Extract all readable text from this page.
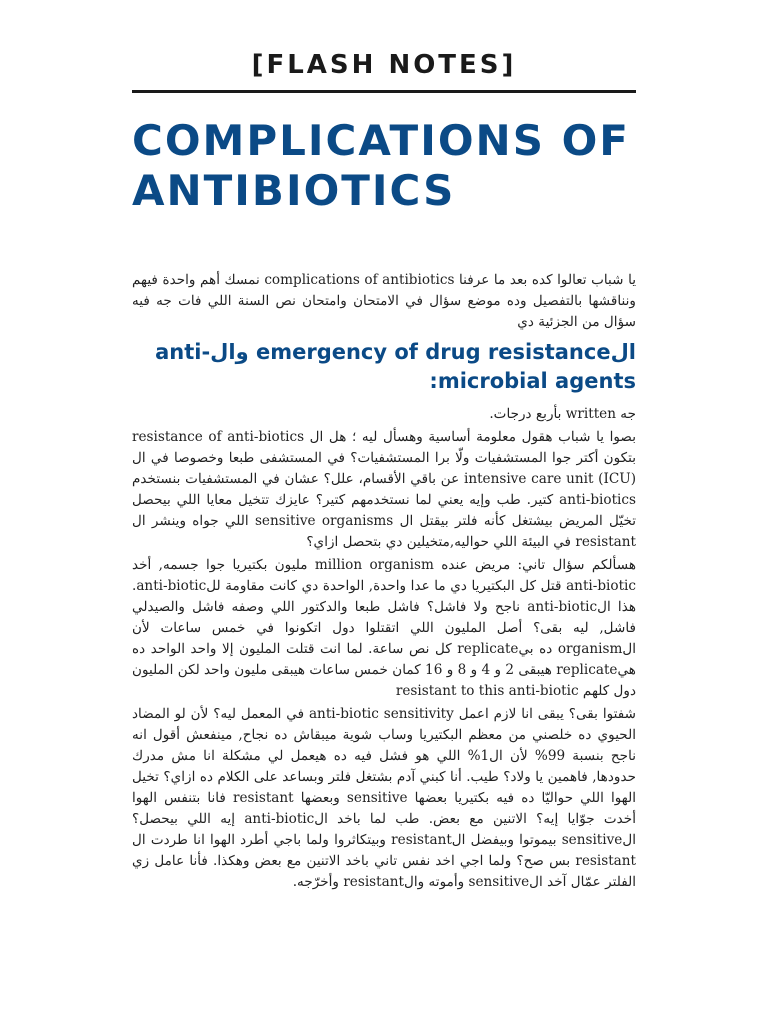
[FLASH NOTES]
COMPLICATIONS OF ANTIBIOTICS

يا شباب تعالوا كده بعد ما عرفنا complications of antibiotics نمسك أهم واحدة فيهم ونناقشها بالتفصيل وده موضع سؤال في الامتحان وامتحان نص السنة اللي فات جه فيه سؤال من الجزئية دي

الemergency of drug resistance والanti-microbial agents:

جه written بأربع درجات.

بصوا يا شباب هقول معلومة أساسية وهسأل ليه ؛ هل ال resistance of anti-biotics بتكون أكتر جوا المستشفيات ولّا برا المستشفيات؟ في المستشفى طبعا وخصوصا في ال intensive care unit (ICU) عن باقي الأقسام، علل؟ عشان في المستشفيات بنستخدم anti-biotics كتير. طب وإيه يعني لما نستخدمهم كتير؟ عايزك تتخيل معايا اللي بيحصل تخيّل المريض بيشتغل كأنه فلتر بيقتل ال sensitive organisms اللي جواه وينشر ال resistant في البيئة اللي حواليه,متخيلين دي بتحصل ازاي؟

هسألكم سؤال تاني: مريض عنده million organism مليون بكتيريا جوا جسمه, أخد anti-biotic قتل كل البكتيريا دي ما عدا واحدة, الواحدة دي كانت مقاومة للanti-biotic. هذا الanti-biotic ناجح ولا فاشل؟ فاشل طبعا والدكتور اللي وصفه فاشل والصيدلي فاشل, ليه بقى؟ أصل المليون اللي اتقتلوا دول اتكونوا في خمس ساعات لأن الorganism ده بيreplicate كل نص ساعة. لما انت قتلت المليون إلا واحد الواحد ده هيreplicate هيبقى 2 و 4 و 8 و 16 كمان خمس ساعات هيبقى مليون واحد لكن المليون دول كلهم resistant to this anti-biotic

شفتوا بقى؟ يبقى انا لازم اعمل anti-biotic sensitivity في المعمل ليه؟ لأن لو المضاد الحيوي ده خلصني من معظم البكتيريا وساب شوية ميبقاش ده نجاح, مينفعش أقول انه ناجح بنسبة 99% لأن ال1% اللي هو فشل فيه ده هيعمل لي مشكلة انا مش مدرك حدودها, فاهمين يا ولاد؟ طيب. أنا كبني آدم بشتغل فلتر وبساعد على الكلام ده ازاي؟ تخيل الهوا اللي حواليّا ده فيه بكتيريا بعضها sensitive وبعضها resistant فانا بتنفس الهوا أخدت جوّايا إيه؟ الاتنين مع بعض. طب لما باخد الanti-biotic إيه اللي بيحصل؟ الsensitive بيموتوا وبيفضل الresistant وبيتكاثروا ولما باجي أطرد الهوا انا طردت ال resistant بس صح؟ ولما اجي اخد نفس تاني باخد الاتنين مع بعض وهكذا. فأنا عامل زي الفلتر عمّال آخد الsensitive وأموته والresistant وأخرّجه.
